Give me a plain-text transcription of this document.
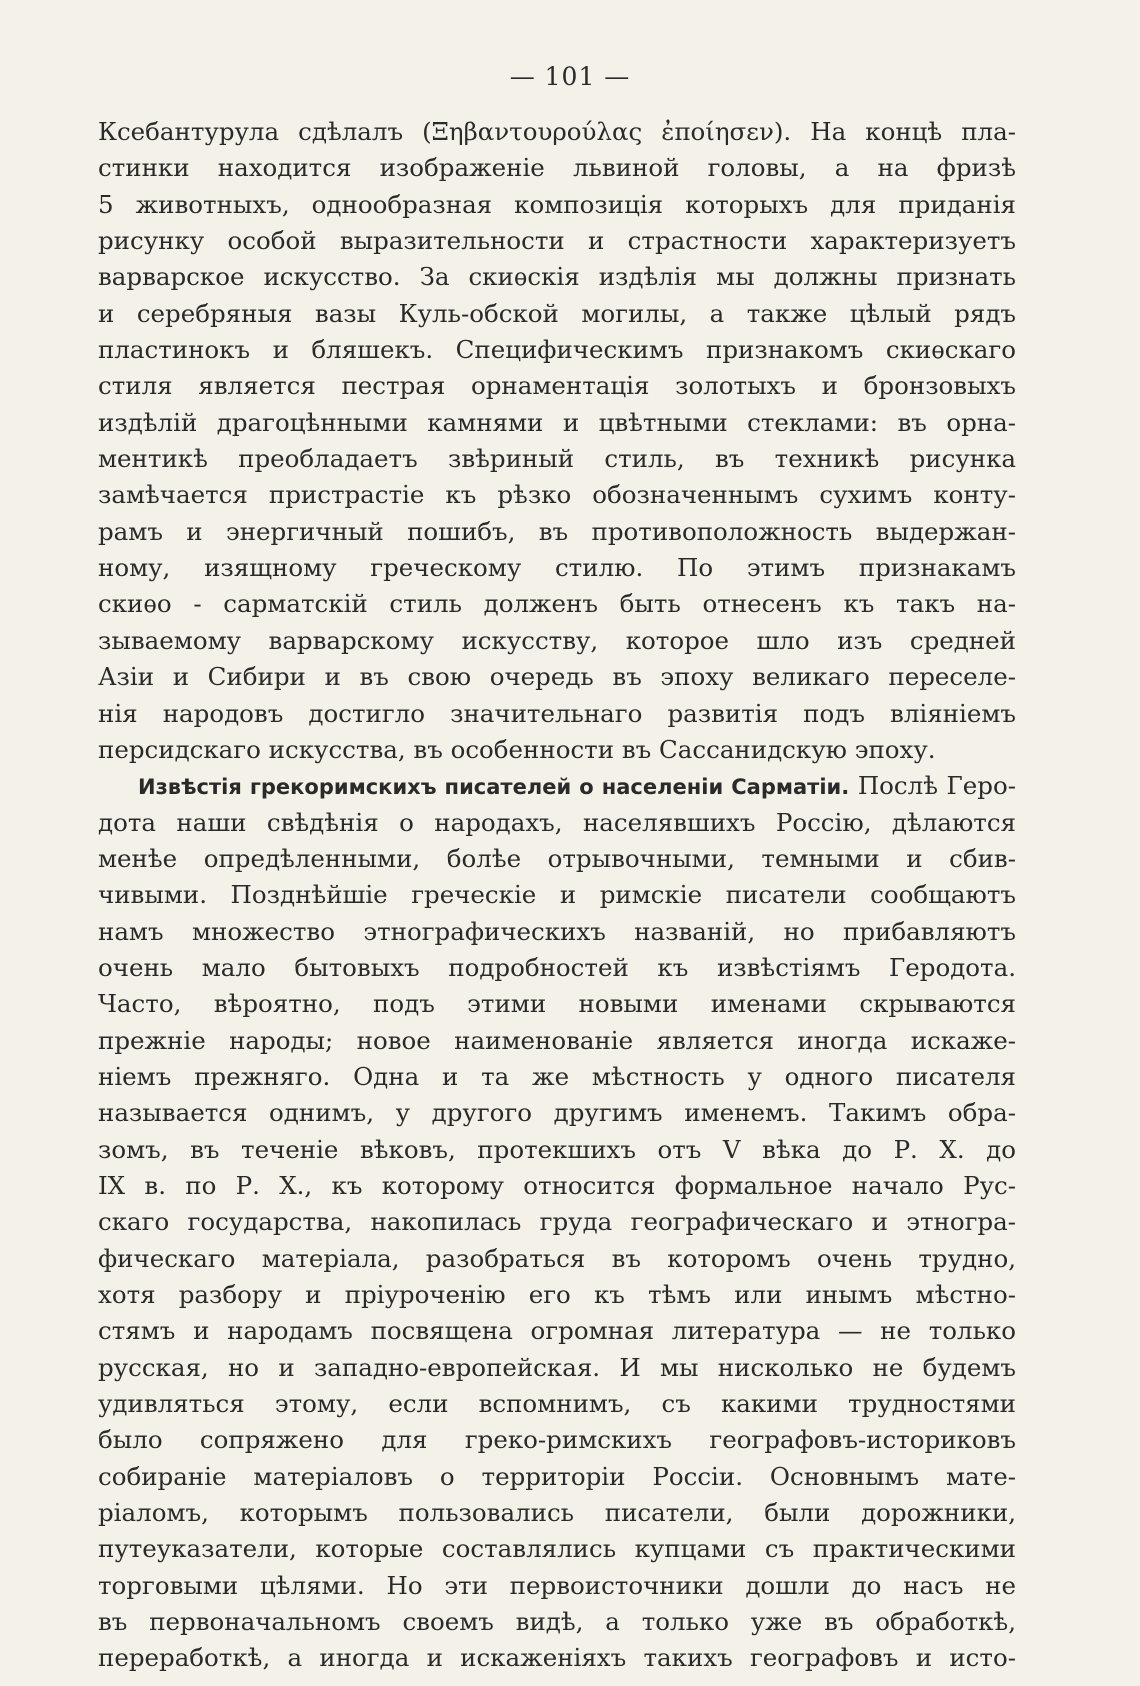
— 101 —
Ксебантурула сдѣлалъ (Ξηβαντουρούλας ἐποίησεν). На концѣ пла-
стинки находится изображеніе львиной головы, а на фризѣ
5 животныхъ, однообразная композиція которыхъ для приданія
рисунку особой выразительности и страстности характеризуетъ
варварское искусство. За скиѳскія издѣлія мы должны признать
и серебряныя вазы Куль-обской могилы, а также цѣлый рядъ
пластинокъ и бляшекъ. Специфическимъ признакомъ скиѳскаго
стиля является пестрая орнаментація золотыхъ и бронзовыхъ
издѣлій драгоцѣнными камнями и цвѣтными стеклами: въ орна-
ментикѣ преобладаетъ звѣриный стиль, въ техникѣ рисунка
замѣчается пристрастіе къ рѣзко обозначеннымъ сухимъ конту-
рамъ и энергичный пошибъ, въ противоположность выдержан-
ному, изящному греческому стилю. По этимъ признакамъ
скиѳо - сарматскій стиль долженъ быть отнесенъ къ такъ на-
зываемому варварскому искусству, которое шло изъ средней
Азіи и Сибири и въ свою очередь въ эпоху великаго переселе-
нія народовъ достигло значительнаго развитія подъ вліяніемъ
персидскаго искусства, въ особенности въ Сассанидскую эпоху.
Извѣстія грекоримскихъ писателей о населеніи Сарматіи. Послѣ Геро-
дота наши свѣдѣнія о народахъ, населявшихъ Россію, дѣлаются
менѣе опредѣленными, болѣе отрывочными, темными и сбив-
чивыми. Позднѣйшіе греческіе и римскіе писатели сообщаютъ
намъ множество этнографическихъ названій, но прибавляютъ
очень мало бытовыхъ подробностей къ извѣстіямъ Геродота.
Часто, вѣроятно, подъ этими новыми именами скрываются
прежніе народы; новое наименованіе является иногда искаже-
ніемъ прежняго. Одна и та же мѣстность у одного писателя
называется однимъ, у другого другимъ именемъ. Такимъ обра-
зомъ, въ теченіе вѣковъ, протекшихъ отъ V вѣка до Р. Х. до
IX в. по Р. Х., къ которому относится формальное начало Рус-
скаго государства, накопилась груда географическаго и этногра-
фическаго матеріала, разобраться въ которомъ очень трудно,
хотя разбору и пріуроченію его къ тѣмъ или инымъ мѣстно-
стямъ и народамъ посвящена огромная литература — не только
русская, но и западно-европейская. И мы нисколько не будемъ
удивляться этому, если вспомнимъ, съ какими трудностями
было сопряжено для греко-римскихъ географовъ-историковъ
собираніе матеріаловъ о территоріи Россіи. Основнымъ мате-
ріаломъ, которымъ пользовались писатели, были дорожники,
путеуказатели, которые составлялись купцами съ практическими
торговыми цѣлями. Но эти первоисточники дошли до насъ не
въ первоначальномъ своемъ видѣ, а только уже въ обработкѣ,
переработкѣ, а иногда и искаженіяхъ такихъ географовъ и исто-
